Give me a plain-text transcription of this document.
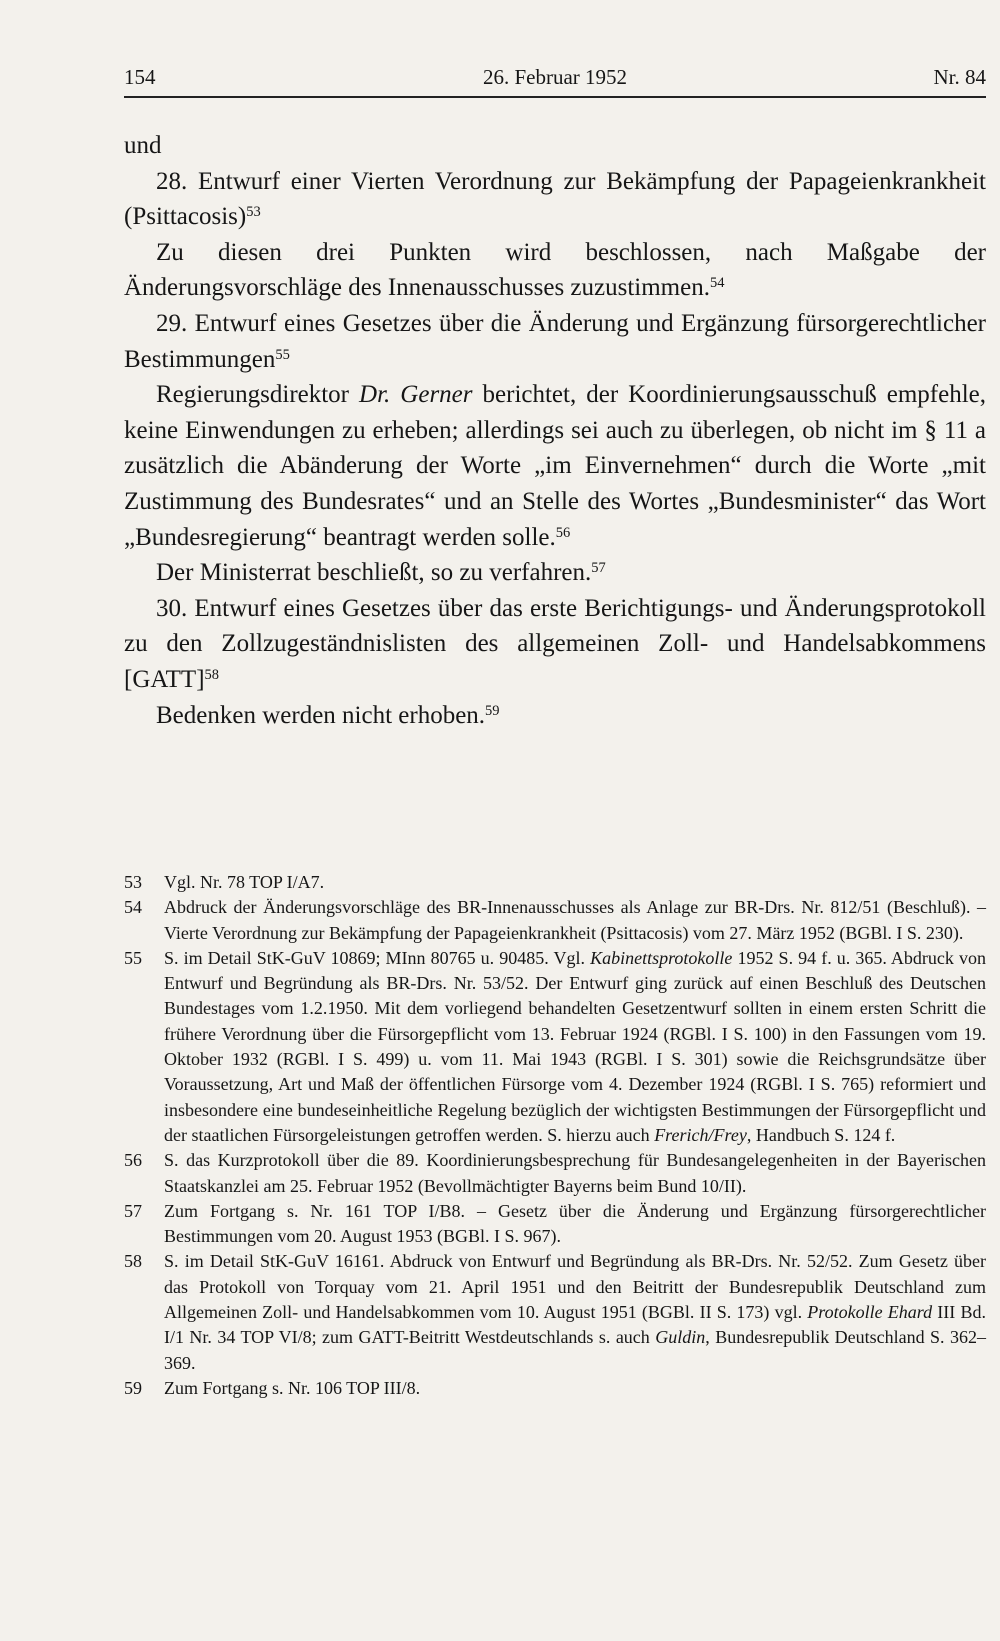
154	26. Februar 1952	Nr. 84

und

28. Entwurf einer Vierten Verordnung zur Bekämpfung der Papageienkrankheit (Psittacosis)$^{53}$

Zu diesen drei Punkten wird beschlossen, nach Maßgabe der Änderungsvorschläge des Innenausschusses zuzustimmen.$^{54}$

29. Entwurf eines Gesetzes über die Änderung und Ergänzung fürsorgerechtlicher Bestimmungen$^{55}$

Regierungsdirektor Dr. Gerner berichtet, der Koordinierungsausschuß empfehle, keine Einwendungen zu erheben; allerdings sei auch zu überlegen, ob nicht im § 11 a zusätzlich die Abänderung der Worte „im Einvernehmen“ durch die Worte „mit Zustimmung des Bundesrates“ und an Stelle des Wortes „Bundesminister“ das Wort „Bundesregierung“ beantragt werden solle.$^{56}$

Der Ministerrat beschließt, so zu verfahren.$^{57}$

30. Entwurf eines Gesetzes über das erste Berichtigungs- und Änderungsprotokoll zu den Zollzugeständnislisten des allgemeinen Zoll- und Handelsabkommens [GATT]$^{58}$

Bedenken werden nicht erhoben.$^{59}$

53 Vgl. Nr. 78 TOP I/A7.

54 Abdruck der Änderungsvorschläge des BR-Innenausschusses als Anlage zur BR-Drs. Nr. 812/51 (Beschluß). – Vierte Verordnung zur Bekämpfung der Papageienkrankheit (Psittacosis) vom 27. März 1952 (BGBl. I S. 230).

55 S. im Detail StK-GuV 10869; MInn 80765 u. 90485. Vgl. Kabinettsprotokolle 1952 S. 94 f. u. 365. Abdruck von Entwurf und Begründung als BR-Drs. Nr. 53/52. Der Entwurf ging zurück auf einen Beschluß des Deutschen Bundestages vom 1.2.1950. Mit dem vorliegend behandelten Gesetzentwurf sollten in einem ersten Schritt die frühere Verordnung über die Fürsorgepflicht vom 13. Februar 1924 (RGBl. I S. 100) in den Fassungen vom 19. Oktober 1932 (RGBl. I S. 499) u. vom 11. Mai 1943 (RGBl. I S. 301) sowie die Reichsgrundsätze über Voraussetzung, Art und Maß der öffentlichen Fürsorge vom 4. Dezember 1924 (RGBl. I S. 765) reformiert und insbesondere eine bundeseinheitliche Regelung bezüglich der wichtigsten Bestimmungen der Fürsorgepflicht und der staatlichen Fürsorgeleistungen getroffen werden. S. hierzu auch Frerich/Frey, Handbuch S. 124 f.

56 S. das Kurzprotokoll über die 89. Koordinierungsbesprechung für Bundesangelegenheiten in der Bayerischen Staatskanzlei am 25. Februar 1952 (Bevollmächtigter Bayerns beim Bund 10/II).

57 Zum Fortgang s. Nr. 161 TOP I/B8. – Gesetz über die Änderung und Ergänzung fürsorgerechtlicher Bestimmungen vom 20. August 1953 (BGBl. I S. 967).

58 S. im Detail StK-GuV 16161. Abdruck von Entwurf und Begründung als BR-Drs. Nr. 52/52. Zum Gesetz über das Protokoll von Torquay vom 21. April 1951 und den Beitritt der Bundesrepublik Deutschland zum Allgemeinen Zoll- und Handelsabkommen vom 10. August 1951 (BGBl. II S. 173) vgl. Protokolle Ehard III Bd. I/1 Nr. 34 TOP VI/8; zum GATT-Beitritt Westdeutschlands s. auch Guldin, Bundesrepublik Deutschland S. 362–369.

59 Zum Fortgang s. Nr. 106 TOP III/8.
